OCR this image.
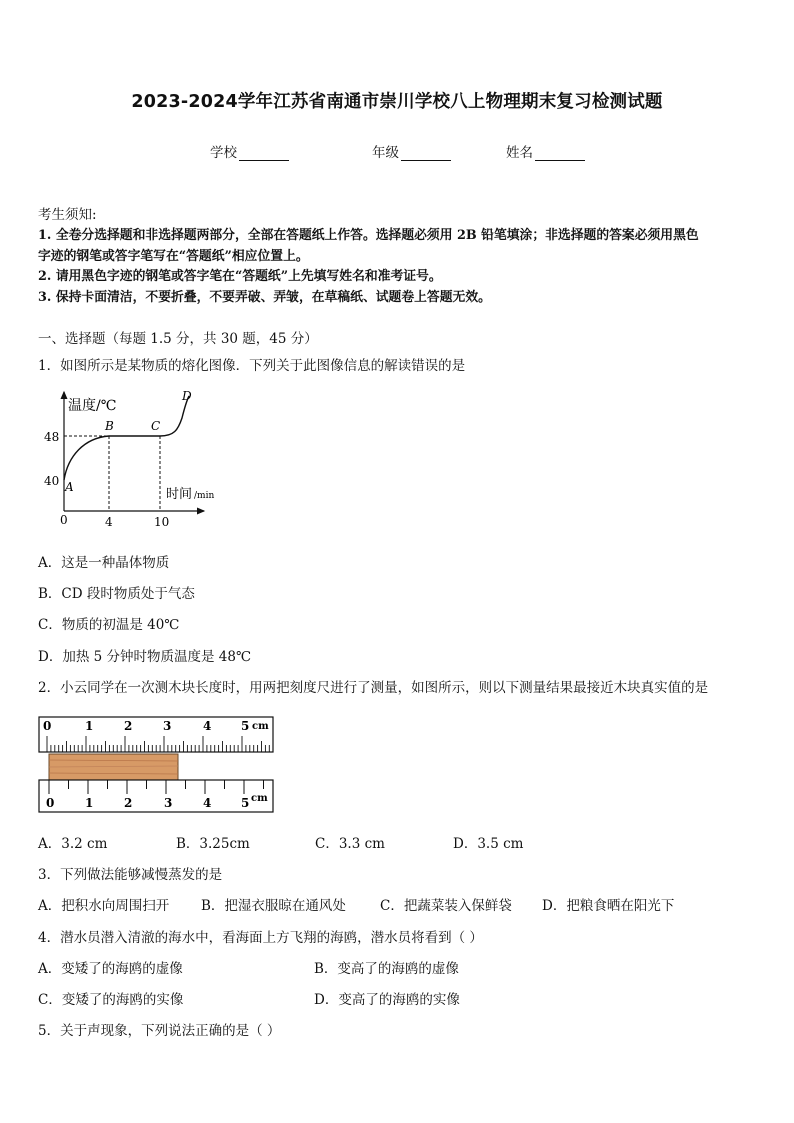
2023-2024学年江苏省南通市崇川学校八上物理期末复习检测试题
学校	年级	姓名
考生须知:
1. 全卷分选择题和非选择题两部分，全部在答题纸上作答。选择题必须用 2B 铅笔填涂；非选择题的答案必须用黑色
字迹的钢笔或答字笔写在“答题纸”相应位置上。
2. 请用黑色字迹的钢笔或答字笔在“答题纸”上先填写姓名和准考证号。
3. 保持卡面清洁，不要折叠，不要弄破、弄皱，在草稿纸、试题卷上答题无效。
一、选择题（每题 1.5 分，共 30 题，45 分）
1．如图所示是某物质的熔化图像．下列关于此图像信息的解读错误的是
温度/℃
48
40
0	4	10
时间 /min
A
B	C
D
A．这是一种晶体物质
B．CD 段时物质处于气态
C．物质的初温是 40℃
D．加热 5 分钟时物质温度是 48℃
2．小云同学在一次测木块长度时，用两把刻度尺进行了测量，如图所示，则以下测量结果最接近木块真实值的是
0	1	2	3	4 5 cm
0	1	2	3	4 5 cm
A．3.2 cm	B．3.25cm	C．3.3 cm	D．3.5 cm
3．下列做法能够减慢蒸发的是
A．把积水向周围扫开 B．把湿衣服晾在通风处	C．把蔬菜装入保鲜袋 D．把粮食晒在阳光下
4．潜水员潜入清澈的海水中，看海面上方飞翔的海鸥，潜水员将看到（ ）
A．变矮了的海鸥的虚像	B．变高了的海鸥的虚像
C．变矮了的海鸥的实像	D．变高了的海鸥的实像
5．关于声现象，下列说法正确的是（ ）
